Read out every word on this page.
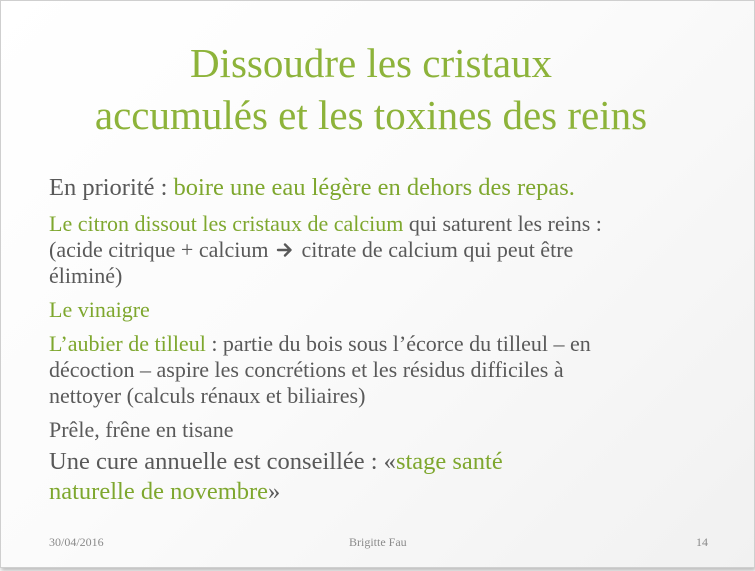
Dissoudre les cristaux
accumulés et les toxines des reins

En priorité : boire une eau légère en dehors des repas.

Le citron dissout les cristaux de calcium qui saturent les reins :
(acide citrique + calcium  citrate de calcium qui peut être
éliminé)

Le vinaigre

L’aubier de tilleul : partie du bois sous l’écorce du tilleul – en
décoction – aspire les concrétions et les résidus difficiles à
nettoyer (calculs rénaux et biliaires)

Prêle, frêne en tisane

Une cure annuelle est conseillée : «stage santé
naturelle de novembre»

30/04/2016	Brigitte Fau	14
